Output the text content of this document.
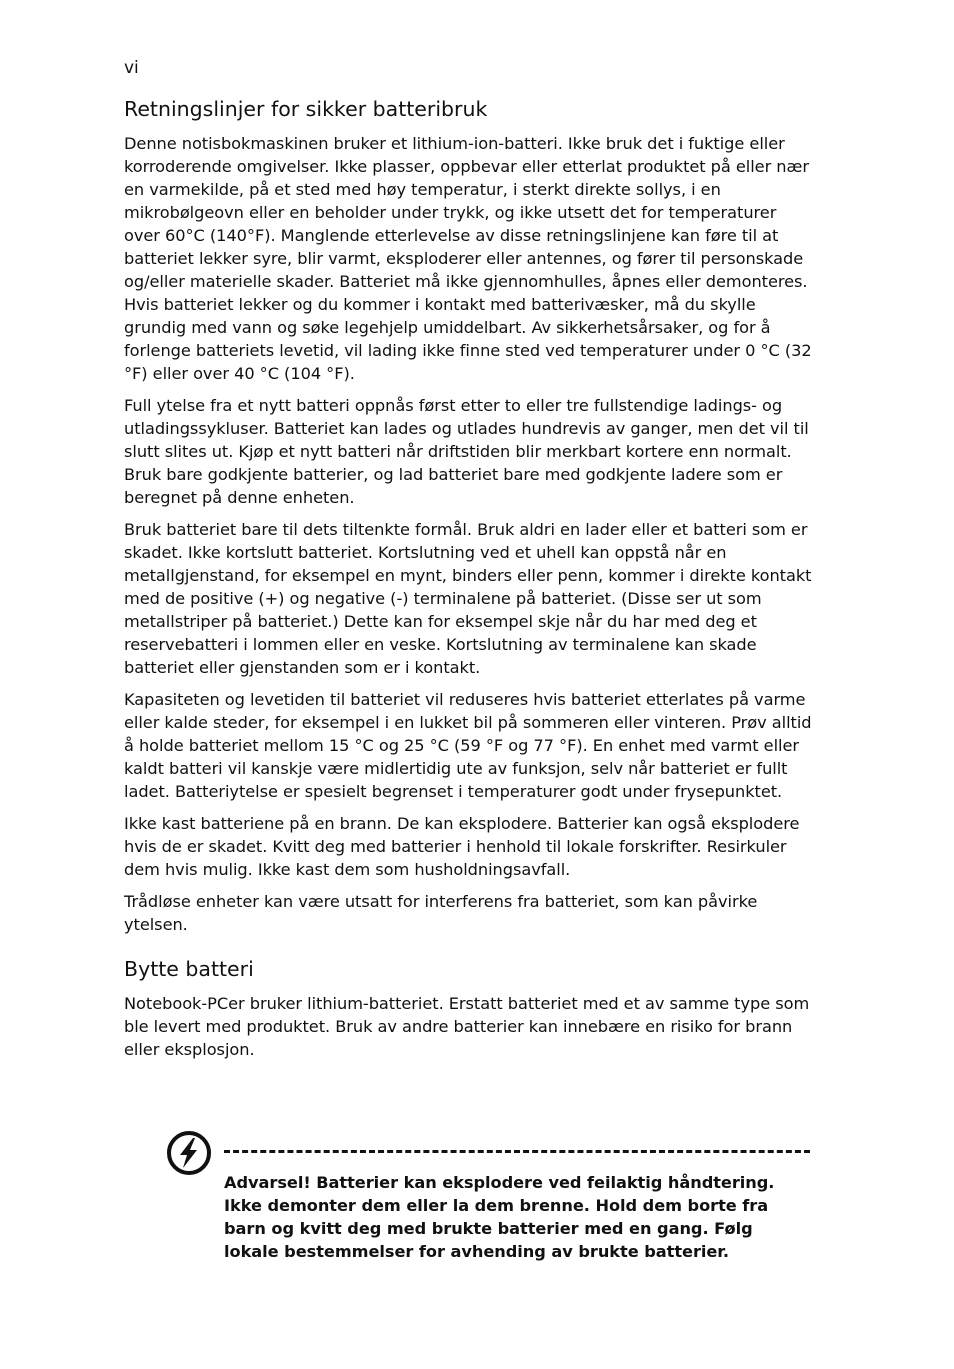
vi
Retningslinjer for sikker batteribruk

Denne notisbokmaskinen bruker et lithium-ion-batteri. Ikke bruk det i fuktige eller korroderende omgivelser. Ikke plasser, oppbevar eller etterlat produktet på eller nær en varmekilde, på et sted med høy temperatur, i sterkt direkte sollys, i en mikrobølgeovn eller en beholder under trykk, og ikke utsett det for temperaturer over 60°C (140°F). Manglende etterlevelse av disse retningslinjene kan føre til at batteriet lekker syre, blir varmt, eksploderer eller antennes, og fører til personskade og/eller materielle skader. Batteriet må ikke gjennomhulles, åpnes eller demonteres. Hvis batteriet lekker og du kommer i kontakt med batterivæsker, må du skylle grundig med vann og søke legehjelp umiddelbart. Av sikkerhetsårsaker, og for å forlenge batteriets levetid, vil lading ikke finne sted ved temperaturer under 0 °C (32 °F) eller over 40 °C (104 °F).

Full ytelse fra et nytt batteri oppnås først etter to eller tre fullstendige ladings- og utladingssykluser. Batteriet kan lades og utlades hundrevis av ganger, men det vil til slutt slites ut. Kjøp et nytt batteri når driftstiden blir merkbart kortere enn normalt. Bruk bare godkjente batterier, og lad batteriet bare med godkjente ladere som er beregnet på denne enheten.

Bruk batteriet bare til dets tiltenkte formål. Bruk aldri en lader eller et batteri som er skadet. Ikke kortslutt batteriet. Kortslutning ved et uhell kan oppstå når en metallgjenstand, for eksempel en mynt, binders eller penn, kommer i direkte kontakt med de positive (+) og negative (-) terminalene på batteriet. (Disse ser ut som metallstriper på batteriet.) Dette kan for eksempel skje når du har med deg et reservebatteri i lommen eller en veske. Kortslutning av terminalene kan skade batteriet eller gjenstanden som er i kontakt.

Kapasiteten og levetiden til batteriet vil reduseres hvis batteriet etterlates på varme eller kalde steder, for eksempel i en lukket bil på sommeren eller vinteren. Prøv alltid å holde batteriet mellom 15 °C og 25 °C (59 °F og 77 °F). En enhet med varmt eller kaldt batteri vil kanskje være midlertidig ute av funksjon, selv når batteriet er fullt ladet. Batteriytelse er spesielt begrenset i temperaturer godt under frysepunktet.

Ikke kast batteriene på en brann. De kan eksplodere. Batterier kan også eksplodere hvis de er skadet. Kvitt deg med batterier i henhold til lokale forskrifter. Resirkuler dem hvis mulig. Ikke kast dem som husholdningsavfall.

Trådløse enheter kan være utsatt for interferens fra batteriet, som kan påvirke ytelsen.

Bytte batteri

Notebook-PCer bruker lithium-batteriet. Erstatt batteriet med et av samme type som ble levert med produktet. Bruk av andre batterier kan innebære en risiko for brann eller eksplosjon.

Advarsel! Batterier kan eksplodere ved feilaktig håndtering. Ikke demonter dem eller la dem brenne. Hold dem borte fra barn og kvitt deg med brukte batterier med en gang. Følg lokale bestemmelser for avhending av brukte batterier.
